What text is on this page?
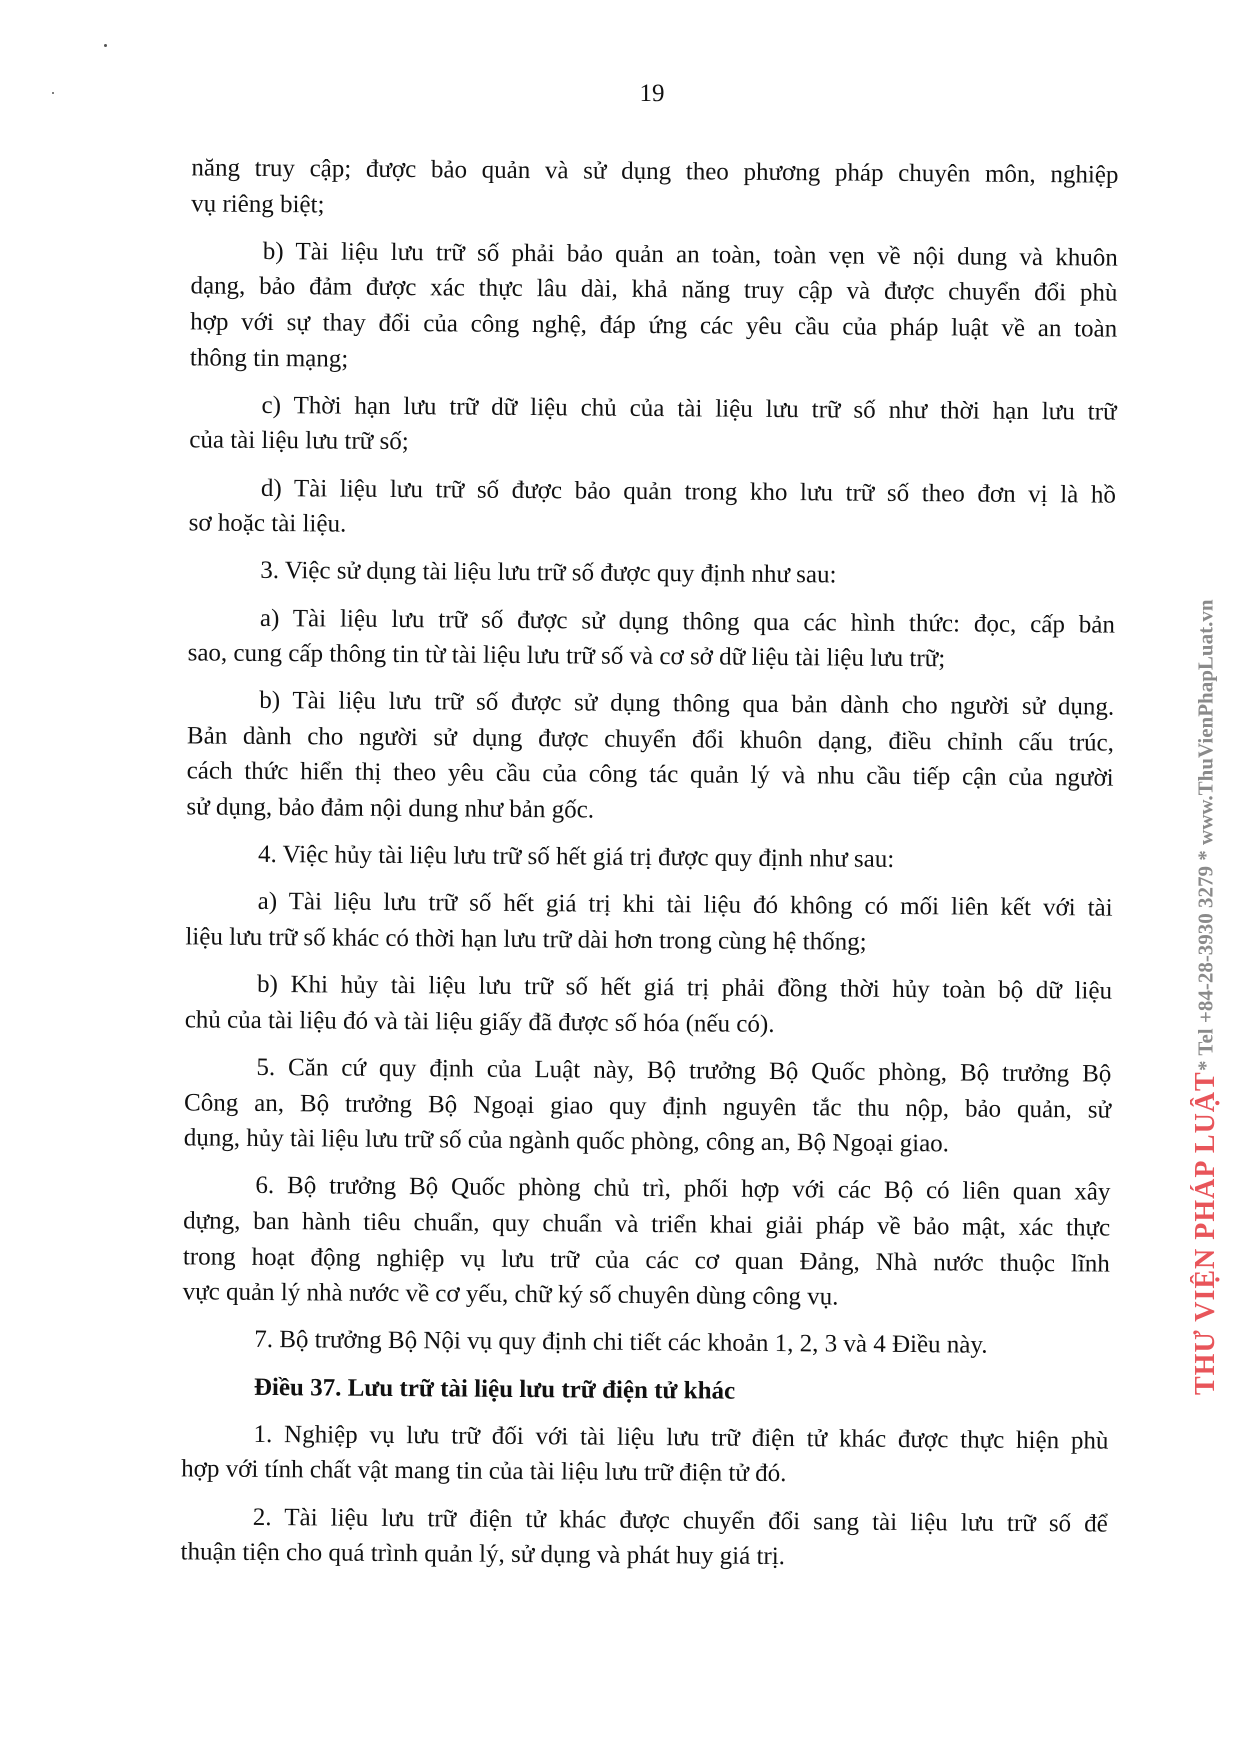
19
năng truy cập; được bảo quản và sử dụng theo phương pháp chuyên môn, nghiệp
vụ riêng biệt;
b) Tài liệu lưu trữ số phải bảo quản an toàn, toàn vẹn về nội dung và khuôn
dạng, bảo đảm được xác thực lâu dài, khả năng truy cập và được chuyển đổi phù
hợp với sự thay đổi của công nghệ, đáp ứng các yêu cầu của pháp luật về an toàn
thông tin mạng;
c) Thời hạn lưu trữ dữ liệu chủ của tài liệu lưu trữ số như thời hạn lưu trữ
của tài liệu lưu trữ số;
d) Tài liệu lưu trữ số được bảo quản trong kho lưu trữ số theo đơn vị là hồ
sơ hoặc tài liệu.
3. Việc sử dụng tài liệu lưu trữ số được quy định như sau:
a) Tài liệu lưu trữ số được sử dụng thông qua các hình thức: đọc, cấp bản
sao, cung cấp thông tin từ tài liệu lưu trữ số và cơ sở dữ liệu tài liệu lưu trữ;
b) Tài liệu lưu trữ số được sử dụng thông qua bản dành cho người sử dụng.
Bản dành cho người sử dụng được chuyển đổi khuôn dạng, điều chỉnh cấu trúc,
cách thức hiển thị theo yêu cầu của công tác quản lý và nhu cầu tiếp cận của người
sử dụng, bảo đảm nội dung như bản gốc.
4. Việc hủy tài liệu lưu trữ số hết giá trị được quy định như sau:
a) Tài liệu lưu trữ số hết giá trị khi tài liệu đó không có mối liên kết với tài
liệu lưu trữ số khác có thời hạn lưu trữ dài hơn trong cùng hệ thống;
b) Khi hủy tài liệu lưu trữ số hết giá trị phải đồng thời hủy toàn bộ dữ liệu
chủ của tài liệu đó và tài liệu giấy đã được số hóa (nếu có).
5. Căn cứ quy định của Luật này, Bộ trưởng Bộ Quốc phòng, Bộ trưởng Bộ
Công an, Bộ trưởng Bộ Ngoại giao quy định nguyên tắc thu nộp, bảo quản, sử
dụng, hủy tài liệu lưu trữ số của ngành quốc phòng, công an, Bộ Ngoại giao.
6. Bộ trưởng Bộ Quốc phòng chủ trì, phối hợp với các Bộ có liên quan xây
dựng, ban hành tiêu chuẩn, quy chuẩn và triển khai giải pháp về bảo mật, xác thực
trong hoạt động nghiệp vụ lưu trữ của các cơ quan Đảng, Nhà nước thuộc lĩnh
vực quản lý nhà nước về cơ yếu, chữ ký số chuyên dùng công vụ.
7. Bộ trưởng Bộ Nội vụ quy định chi tiết các khoản 1, 2, 3 và 4 Điều này.
Điều 37. Lưu trữ tài liệu lưu trữ điện tử khác
1. Nghiệp vụ lưu trữ đối với tài liệu lưu trữ điện tử khác được thực hiện phù
hợp với tính chất vật mang tin của tài liệu lưu trữ điện tử đó.
2. Tài liệu lưu trữ điện tử khác được chuyển đổi sang tài liệu lưu trữ số để
thuận tiện cho quá trình quản lý, sử dụng và phát huy giá trị.
THƯ VIỆN PHÁP LUẬT
* Tel +84-28-3930 3279 * www.ThuVienPhapLuat.vn
